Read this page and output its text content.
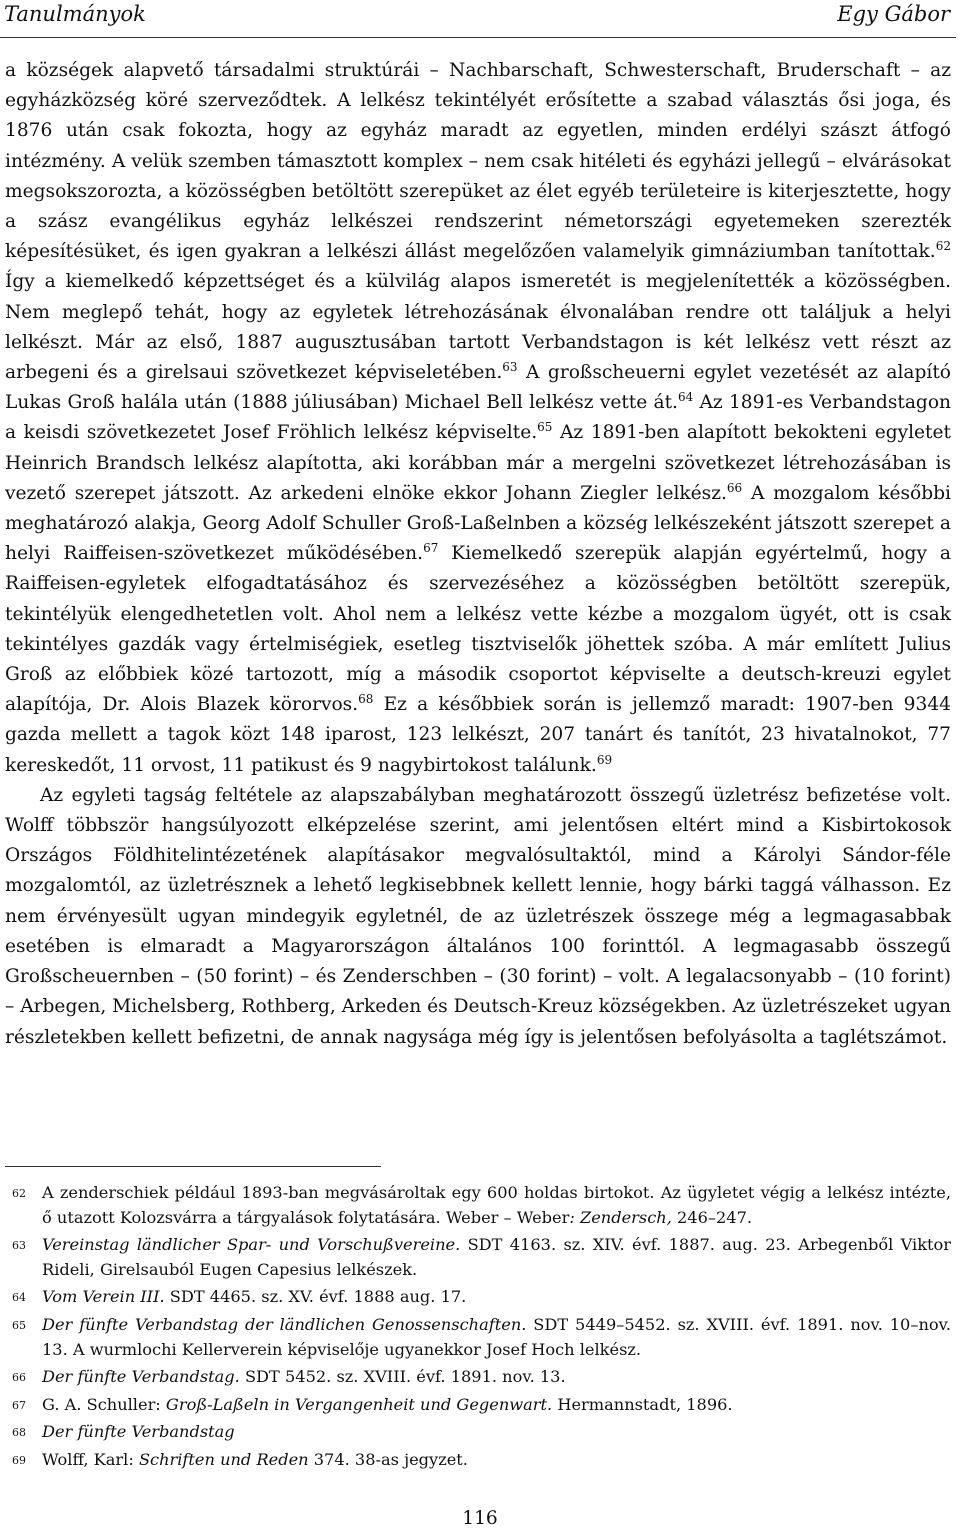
Tanulmányok	Egy Gábor

a községek alapvető társadalmi struktúrái – Nachbarschaft, Schwesterschaft, Bruderschaft – az egyházközség köré szerveződtek. A lelkész tekintélyét erősítette a szabad választás ősi joga, és 1876 után csak fokozta, hogy az egyház maradt az egyetlen, minden erdélyi szászt átfogó intézmény. A velük szemben támasztott komplex – nem csak hitéleti és egyházi jellegű – elvárásokat megsokszorozta, a közösségben betöltött szerepüket az élet egyéb területeire is kiterjesztette, hogy a szász evangélikus egyház lelkészei rendszerint németországi egyetemeken szerezték képesítésüket, és igen gyakran a lelkészi állást megelőzően valamelyik gimnáziumban tanítottak.$^{62}$ Így a kiemelkedő képzettséget és a külvilág alapos ismeretét is megjelenítették a közösségben. Nem meglepő tehát, hogy az egyletek létrehozásának élvonalában rendre ott találjuk a helyi lelkészt. Már az első, 1887 augusztusában tartott Verbandstagon is két lelkész vett részt az arbegeni és a girelsaui szövetkezet képviseletében.$^{63}$ A großscheuerni egylet vezetését az alapító Lukas Groß halála után (1888 júliusában) Michael Bell lelkész vette át.$^{64}$ Az 1891-es Verbandstagon a keisdi szövetkezetet Josef Fröhlich lelkész képviselte.$^{65}$ Az 1891-ben alapított bekokteni egyletet Heinrich Brandsch lelkész alapította, aki korábban már a mergelni szövetkezet létrehozásában is vezető szerepet játszott. Az arkedeni elnöke ekkor Johann Ziegler lelkész.$^{66}$ A mozgalom későbbi meghatározó alakja, Georg Adolf Schuller Groß-Laßelnben a község lelkészeként játszott szerepet a helyi Raiffeisen-szövetkezet működésében.$^{67}$ Kiemelkedő szerepük alapján egyértelmű, hogy a Raiffeisen-egyletek elfogadtatásához és szervezéséhez a közösségben betöltött szerepük, tekintélyük elengedhetetlen volt. Ahol nem a lelkész vette kézbe a mozgalom ügyét, ott is csak tekintélyes gazdák vagy értelmiségiek, esetleg tisztviselők jöhettek szóba. A már említett Julius Groß az előbbiek közé tartozott, míg a második csoportot képviselte a deutsch-kreuzi egylet alapítója, Dr. Alois Blazek körorvos.$^{68}$ Ez a későbbiek során is jellemző maradt: 1907-ben 9344 gazda mellett a tagok közt 148 iparost, 123 lelkészt, 207 tanárt és tanítót, 23 hivatalnokot, 77 kereskedőt, 11 orvost, 11 patikust és 9 nagybirtokost találunk.$^{69}$

Az egyleti tagság feltétele az alapszabályban meghatározott összegű üzletrész befizetése volt. Wolff többször hangsúlyozott elképzelése szerint, ami jelentősen eltért mind a Kisbirtokosok Országos Földhitelintézetének alapításakor megvalósultaktól, mind a Károlyi Sándor-féle mozgalomtól, az üzletrésznek a lehető legkisebbnek kellett lennie, hogy bárki taggá válhasson. Ez nem érvényesült ugyan mindegyik egyletnél, de az üzletrészek összege még a legmagasabbak esetében is elmaradt a Magyarországon általános 100 forinttól. A legmagasabb összegű Großscheuernben – (50 forint) – és Zenderschben – (30 forint) – volt. A legalacsonyabb – (10 forint) – Arbegen, Michelsberg, Rothberg, Arkeden és Deutsch-Kreuz községekben. Az üzletrészeket ugyan részletekben kellett befizetni, de annak nagysága még így is jelentősen befolyásolta a taglétszámot.

62 A zenderschiek például 1893-ban megvásároltak egy 600 holdas birtokot. Az ügyletet végig a lelkész intézte, ő utazott Kolozsvárra a tárgyalások folytatására. Weber – Weber: Zendersch, 246–247.
63 Vereinstag ländlicher Spar- und Vorschußvereine. SDT 4163. sz. XIV. évf. 1887. aug. 23. Arbegenből Viktor Rideli, Girelsauból Eugen Capesius lelkészek.
64 Vom Verein III. SDT 4465. sz. XV. évf. 1888 aug. 17.
65 Der fünfte Verbandstag der ländlichen Genossenschaften. SDT 5449–5452. sz. XVIII. évf. 1891. nov. 10–nov. 13. A wurmlochi Kellerverein képviselője ugyanekkor Josef Hoch lelkész.
66 Der fünfte Verbandstag. SDT 5452. sz. XVIII. évf. 1891. nov. 13.
67 G. A. Schuller: Groß-Laßeln in Vergangenheit und Gegenwart. Hermannstadt, 1896.
68 Der fünfte Verbandstag
69 Wolff, Karl: Schriften und Reden 374. 38-as jegyzet.
116
